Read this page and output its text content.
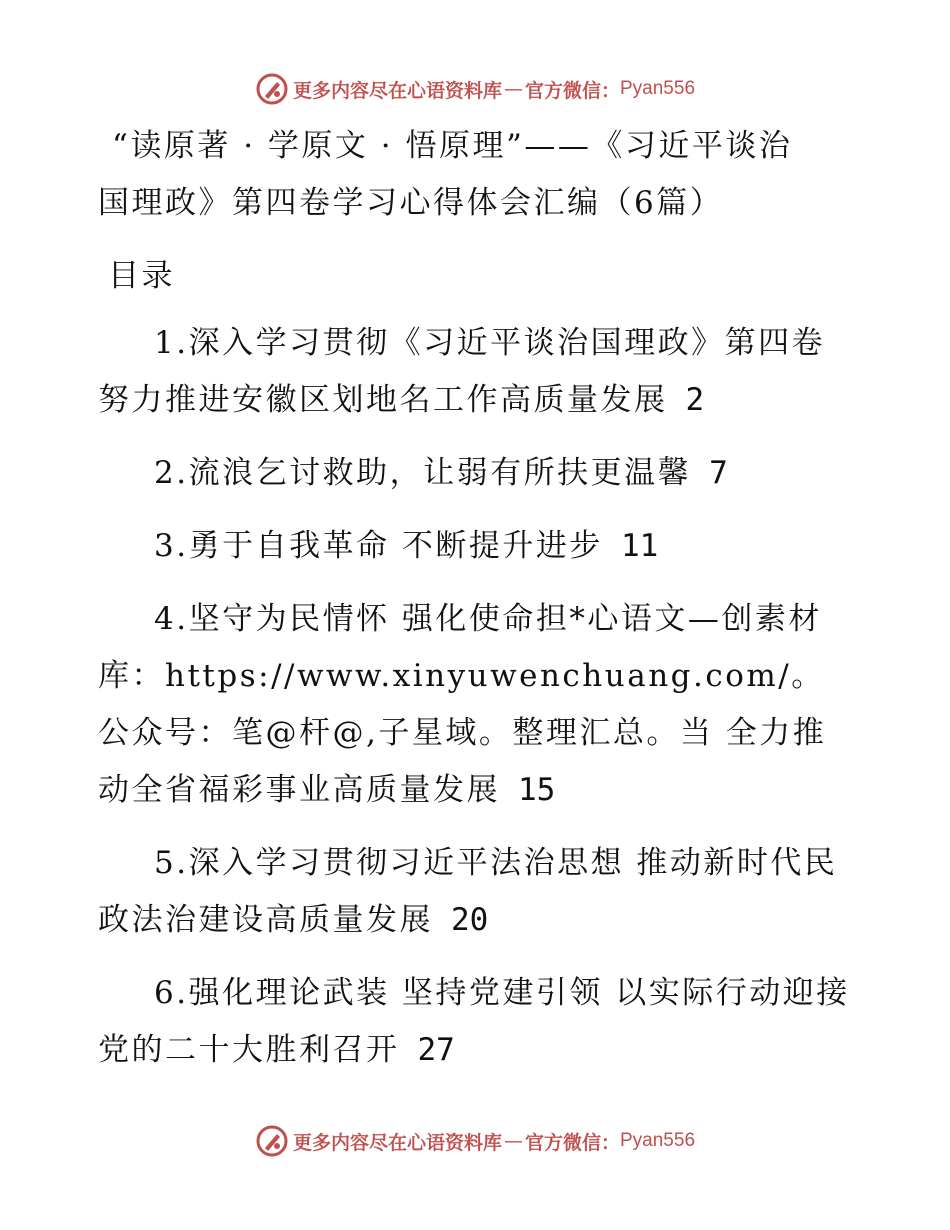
更多内容尽在心语资料库 — 官方微信： Pyan556
“读原著 · 学原文 · 悟原理”——《习近平谈治
国理政》第四卷学习心得体会汇编（6篇）
目录
1.深入学习贯彻《习近平谈治国理政》第四卷努力推进安徽区划地名工作高质量发展 2
2.流浪乞讨救助，让弱有所扶更温馨 7
3.勇于自我革命 不断提升进步 11
4.坚守为民情怀 强化使命担*心语文—创素材库：https://www.xinyuwenchuang.com/。公众号：笔@杆@,子星域。整理汇总。当 全力推动全省福彩事业高质量发展 15
5.深入学习贯彻习近平法治思想 推动新时代民政法治建设高质量发展 20
6.强化理论武装 坚持党建引领 以实际行动迎接党的二十大胜利召开 27
更多内容尽在心语资料库 — 官方微信： Pyan556
